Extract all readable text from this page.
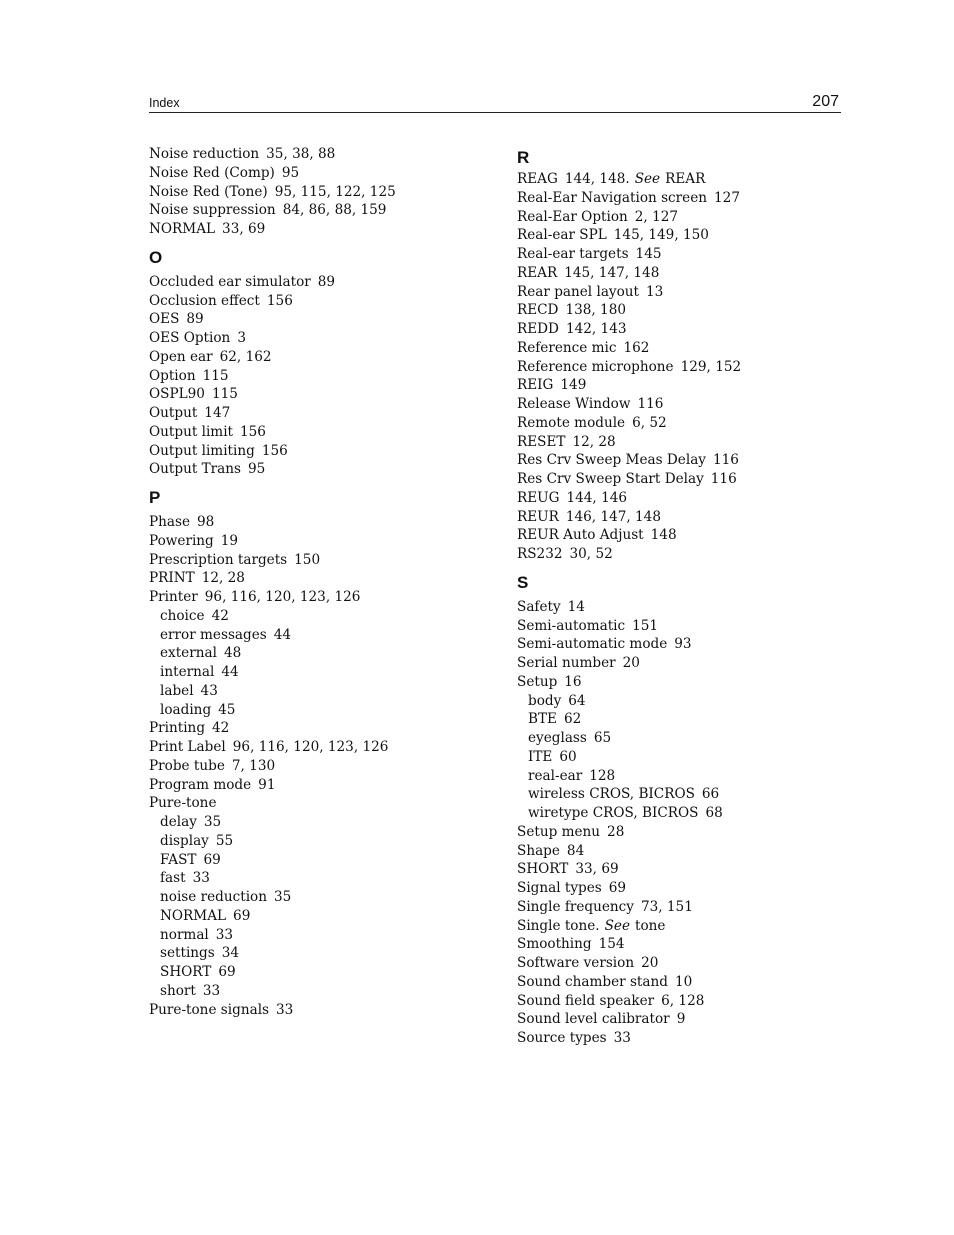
Index	207
Noise reduction 35, 38, 88
Noise Red (Comp) 95
Noise Red (Tone) 95, 115, 122, 125
Noise suppression 84, 86, 88, 159
NORMAL 33, 69
O
Occluded ear simulator 89
Occlusion effect 156
OES 89
OES Option 3
Open ear 62, 162
Option 115
OSPL90 115
Output 147
Output limit 156
Output limiting 156
Output Trans 95
P
Phase 98
Powering 19
Prescription targets 150
PRINT 12, 28
Printer 96, 116, 120, 123, 126
choice 42
error messages 44
external 48
internal 44
label 43
loading 45
Printing 42
Print Label 96, 116, 120, 123, 126
Probe tube 7, 130
Program mode 91
Pure-tone
delay 35
display 55
FAST 69
fast 33
noise reduction 35
NORMAL 69
normal 33
settings 34
SHORT 69
short 33
Pure-tone signals 33
R
REAG 144, 148. See REAR
Real-Ear Navigation screen 127
Real-Ear Option 2, 127
Real-ear SPL 145, 149, 150
Real-ear targets 145
REAR 145, 147, 148
Rear panel layout 13
RECD 138, 180
REDD 142, 143
Reference mic 162
Reference microphone 129, 152
REIG 149
Release Window 116
Remote module 6, 52
RESET 12, 28
Res Crv Sweep Meas Delay 116
Res Crv Sweep Start Delay 116
REUG 144, 146
REUR 146, 147, 148
REUR Auto Adjust 148
RS232 30, 52
S
Safety 14
Semi-automatic 151
Semi-automatic mode 93
Serial number 20
Setup 16
body 64
BTE 62
eyeglass 65
ITE 60
real-ear 128
wireless CROS, BICROS 66
wiretype CROS, BICROS 68
Setup menu 28
Shape 84
SHORT 33, 69
Signal types 69
Single frequency 73, 151
Single tone. See tone
Smoothing 154
Software version 20
Sound chamber stand 10
Sound field speaker 6, 128
Sound level calibrator 9
Source types 33
